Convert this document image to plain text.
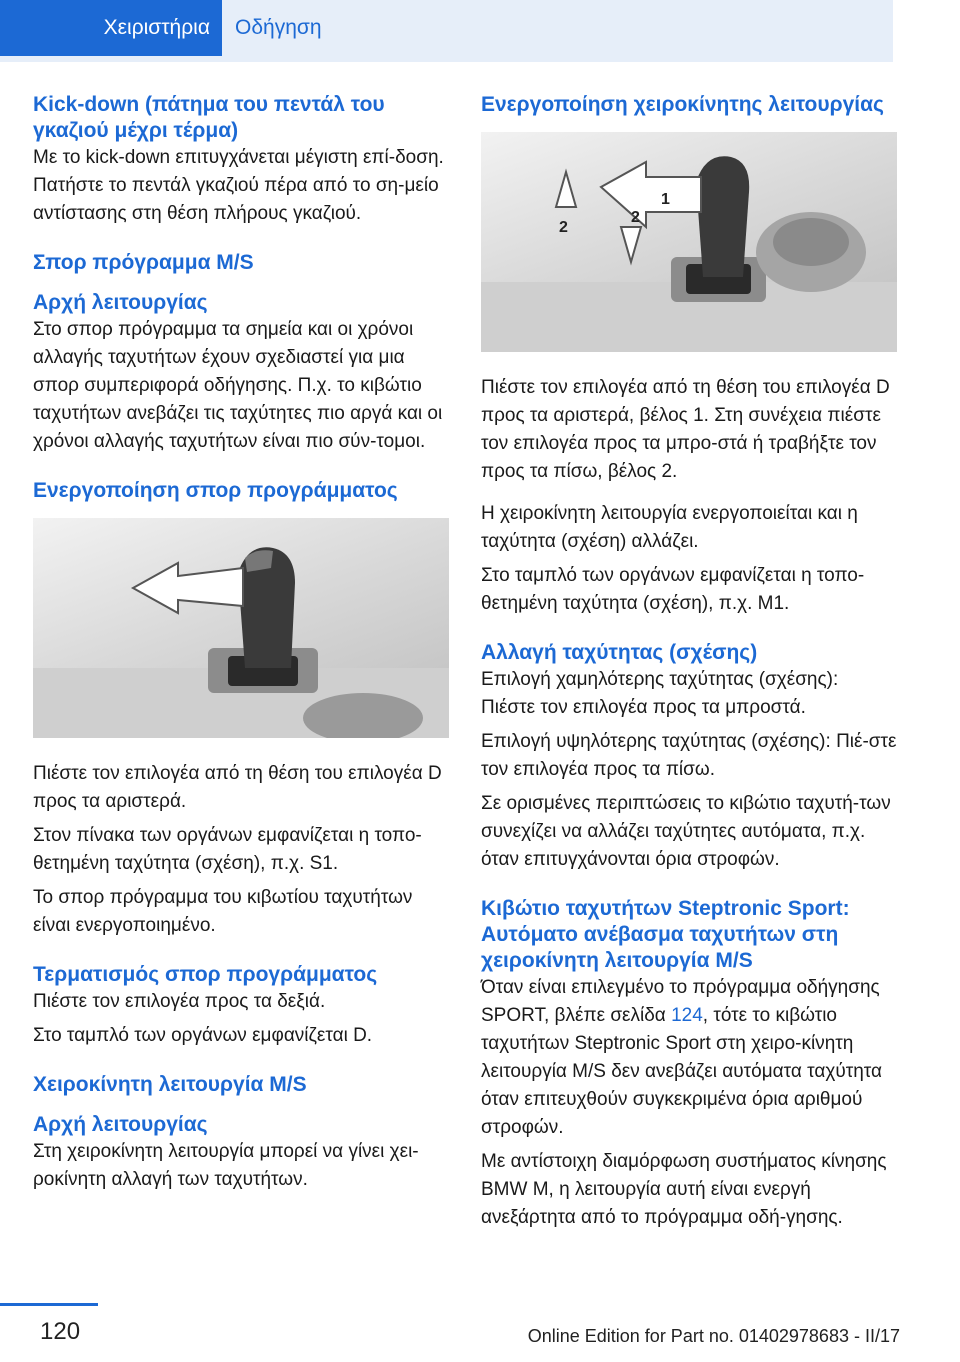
Χειριστήρια Οδήγηση
Kick-down (πάτημα του πεντάλ του γκαζιού μέχρι τέρμα)

Με το kick-down επιτυγχάνεται μέγιστη επί-δοση.

Πατήστε το πεντάλ γκαζιού πέρα από το ση-μείο αντίστασης στη θέση πλήρους γκαζιού.

Σπορ πρόγραμμα M/S
Αρχή λειτουργίας

Στο σπορ πρόγραμμα τα σημεία και οι χρόνοι αλλαγής ταχυτήτων έχουν σχεδιαστεί για μια σπορ συμπεριφορά οδήγησης. Π.χ. το κιβώτιο ταχυτήτων ανεβάζει τις ταχύτητες πιο αργά και οι χρόνοι αλλαγής ταχυτήτων είναι πιο σύν-τομοι.

Ενεργοποίηση σπορ προγράμματος

Πιέστε τον επιλογέα από τη θέση του επιλογέα D προς τα αριστερά.

Στον πίνακα των οργάνων εμφανίζεται η τοπο-θετημένη ταχύτητα (σχέση), π.χ. S1.

Το σπορ πρόγραμμα του κιβωτίου ταχυτήτων είναι ενεργοποιημένο.

Τερματισμός σπορ προγράμματος

Πιέστε τον επιλογέα προς τα δεξιά.

Στο ταμπλό των οργάνων εμφανίζεται D.

Χειροκίνητη λειτουργία M/S
Αρχή λειτουργίας

Στη χειροκίνητη λειτουργία μπορεί να γίνει χει-ροκίνητη αλλαγή των ταχυτήτων.

Ενεργοποίηση χειροκίνητης λειτουργίας
2
1
2

Πιέστε τον επιλογέα από τη θέση του επιλογέα D προς τα αριστερά, βέλος 1. Στη συνέχεια πιέστε τον επιλογέα προς τα μπρο-στά ή τραβήξτε τον προς τα πίσω, βέλος 2.

Η χειροκίνητη λειτουργία ενεργοποιείται και η ταχύτητα (σχέση) αλλάζει.

Στο ταμπλό των οργάνων εμφανίζεται η τοπο-θετημένη ταχύτητα (σχέση), π.χ. M1.

Αλλαγή ταχύτητας (σχέσης)

Επιλογή χαμηλότερης ταχύτητας (σχέσης): Πιέστε τον επιλογέα προς τα μπροστά.

Επιλογή υψηλότερης ταχύτητας (σχέσης): Πιέ-στε τον επιλογέα προς τα πίσω.

Σε ορισμένες περιπτώσεις το κιβώτιο ταχυτή-των συνεχίζει να αλλάζει ταχύτητες αυτόματα, π.χ. όταν επιτυγχάνονται όρια στροφών.

Κιβώτιο ταχυτήτων Steptronic Sport: Αυτόματο ανέβασμα ταχυτήτων στη χειροκίνητη λειτουργία M/S

Όταν είναι επιλεγμένο το πρόγραμμα οδήγησης SPORT, βλέπε σελίδα 124, τότε το κιβώτιο ταχυτήτων Steptronic Sport στη χειρο-κίνητη λειτουργία M/S δεν ανεβάζει αυτόματα ταχύτητα όταν επιτευχθούν συγκεκριμένα όρια αριθμού στροφών.

Με αντίστοιχη διαμόρφωση συστήματος κίνησης BMW M, η λειτουργία αυτή είναι ενεργή ανεξάρτητα από το πρόγραμμα οδή-γησης.

120	Online Edition for Part no. 01402978683 - II/17
